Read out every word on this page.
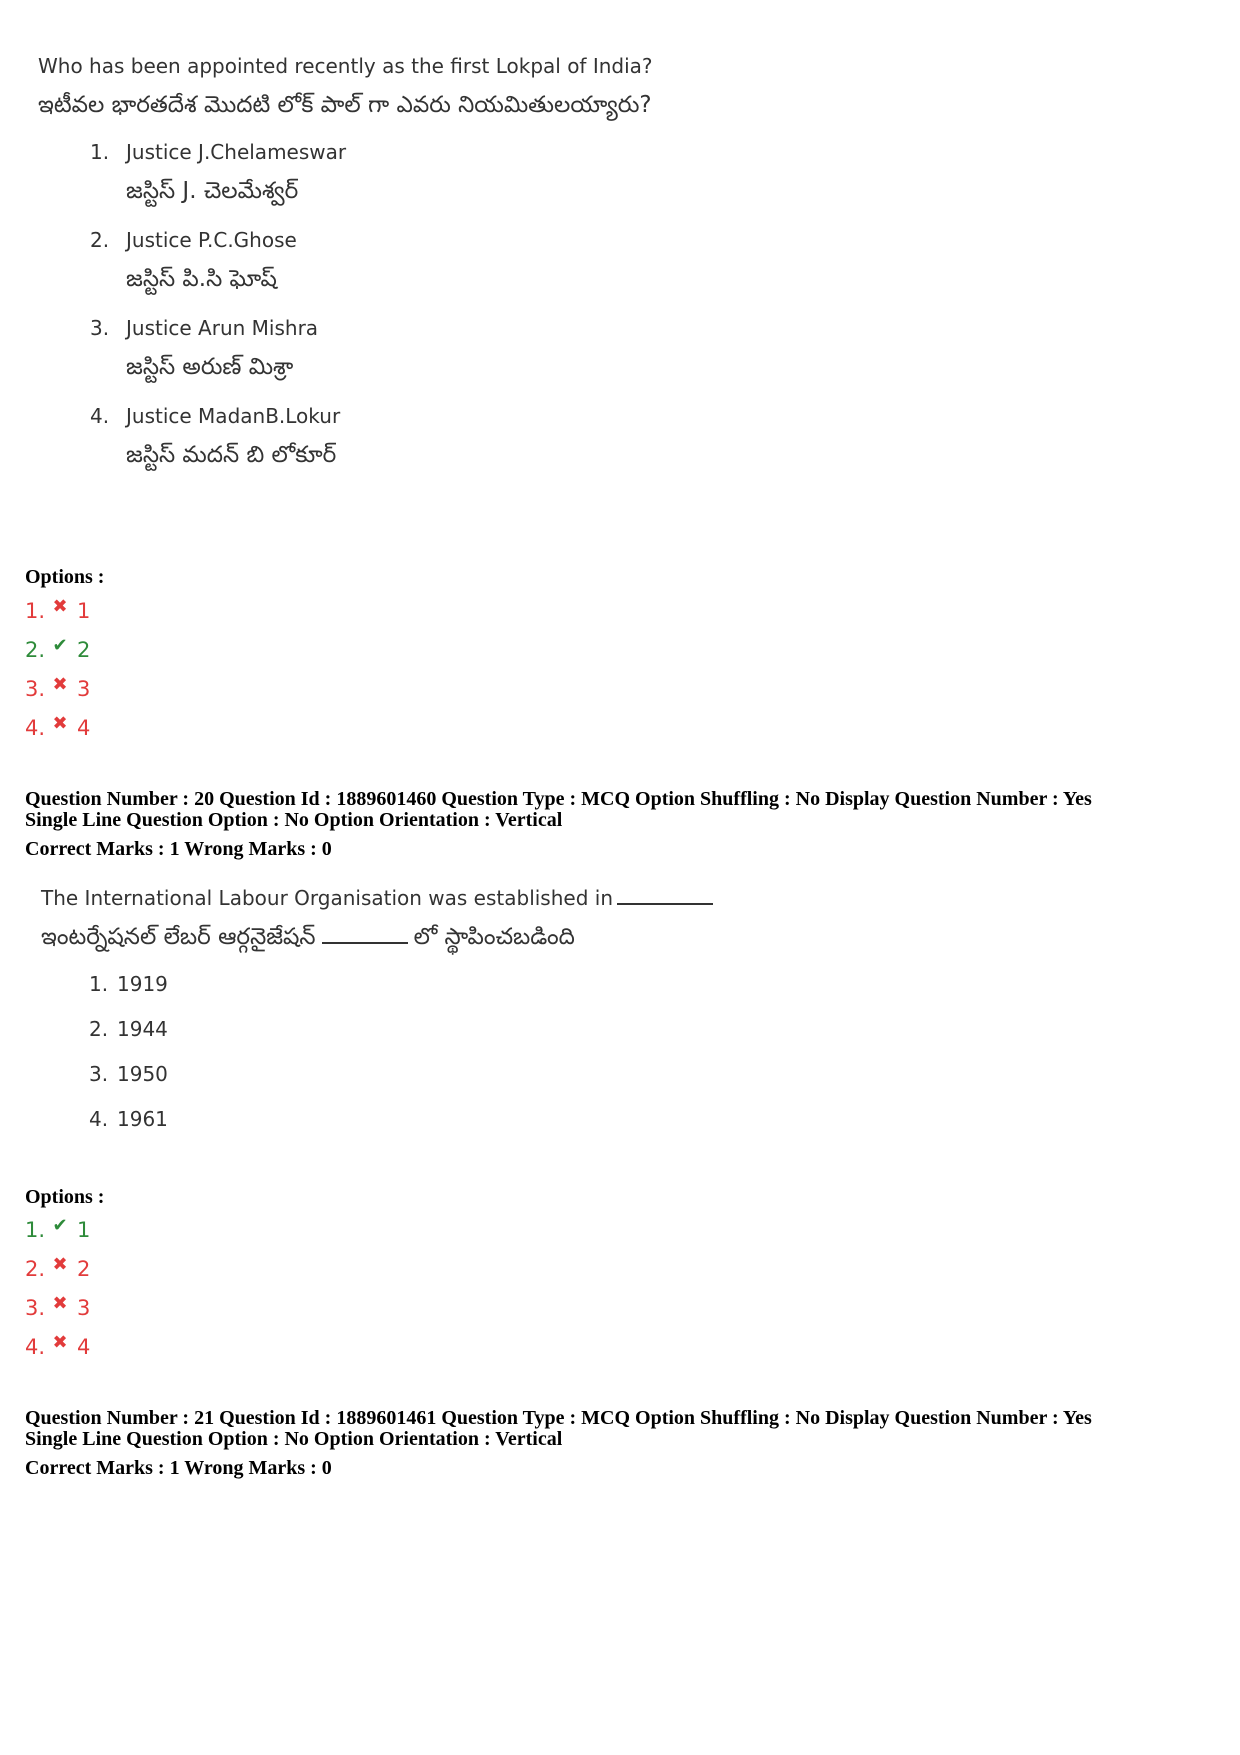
Who has been appointed recently as the first Lokpal of India?
ఇటీవల భారతదేశ మొదటి లోక్ పాల్ గా ఎవరు నియమితులయ్యారు?
1. Justice J.Chelameswar
జస్టిస్ J. చెలమేశ్వర్
2. Justice P.C.Ghose
జస్టిస్ పి.సి ఘోష్
3. Justice Arun Mishra
జస్టిస్ అరుణ్ మిశ్రా
4. Justice MadanB.Lokur
జస్టిస్ మదన్ బి లోకూర్
Options :
1. ✖ 1
2. ✔ 2
3. ✖ 3
4. ✖ 4
Question Number : 20 Question Id : 1889601460 Question Type : MCQ Option Shuffling : No Display Question Number : Yes
Single Line Question Option : No Option Orientation : Vertical
Correct Marks : 1 Wrong Marks : 0
The International Labour Organisation was established in
ఇంటర్నేషనల్ లేబర్ ఆర్గనైజేషన్	లో స్థాపించబడింది
1. 1919
2. 1944
3. 1950
4. 1961
Options :
1. ✔ 1
2. ✖ 2
3. ✖ 3
4. ✖ 4
Question Number : 21 Question Id : 1889601461 Question Type : MCQ Option Shuffling : No Display Question Number : Yes
Single Line Question Option : No Option Orientation : Vertical
Correct Marks : 1 Wrong Marks : 0
